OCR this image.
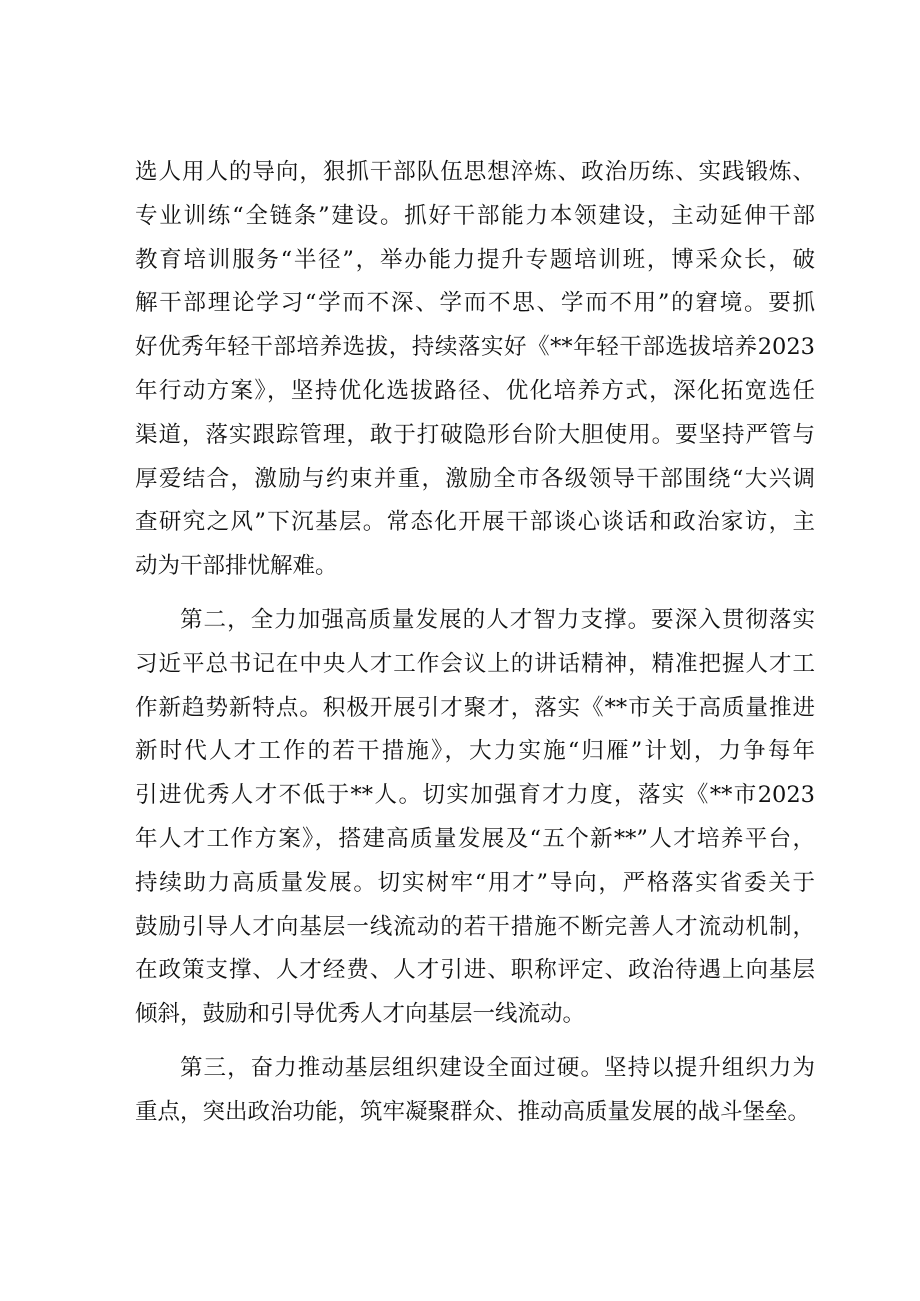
选人用人的导向，狠抓干部队伍思想淬炼、政治历练、实践锻炼、
专业训练“全链条”建设。抓好干部能力本领建设，主动延伸干部
教育培训服务“半径”，举办能力提升专题培训班，博采众长，破
解干部理论学习“学而不深、学而不思、学而不用”的窘境。要抓
好优秀年轻干部培养选拔，持续落实好《**年轻干部选拔培养2023
年行动方案》，坚持优化选拔路径、优化培养方式，深化拓宽选任
渠道，落实跟踪管理，敢于打破隐形台阶大胆使用。要坚持严管与
厚爱结合，激励与约束并重，激励全市各级领导干部围绕“大兴调
查研究之风”下沉基层。常态化开展干部谈心谈话和政治家访，主
动为干部排忧解难。
第二，全力加强高质量发展的人才智力支撑。要深入贯彻落实
习近平总书记在中央人才工作会议上的讲话精神，精准把握人才工
作新趋势新特点。积极开展引才聚才，落实《**市关于高质量推进
新时代人才工作的若干措施》，大力实施“归雁”计划，力争每年
引进优秀人才不低于**人。切实加强育才力度，落实《**市2023
年人才工作方案》，搭建高质量发展及“五个新**”人才培养平台，
持续助力高质量发展。切实树牢“用才”导向，严格落实省委关于
鼓励引导人才向基层一线流动的若干措施不断完善人才流动机制，
在政策支撑、人才经费、人才引进、职称评定、政治待遇上向基层
倾斜，鼓励和引导优秀人才向基层一线流动。
第三，奋力推动基层组织建设全面过硬。坚持以提升组织力为
重点，突出政治功能，筑牢凝聚群众、推动高质量发展的战斗堡垒。
